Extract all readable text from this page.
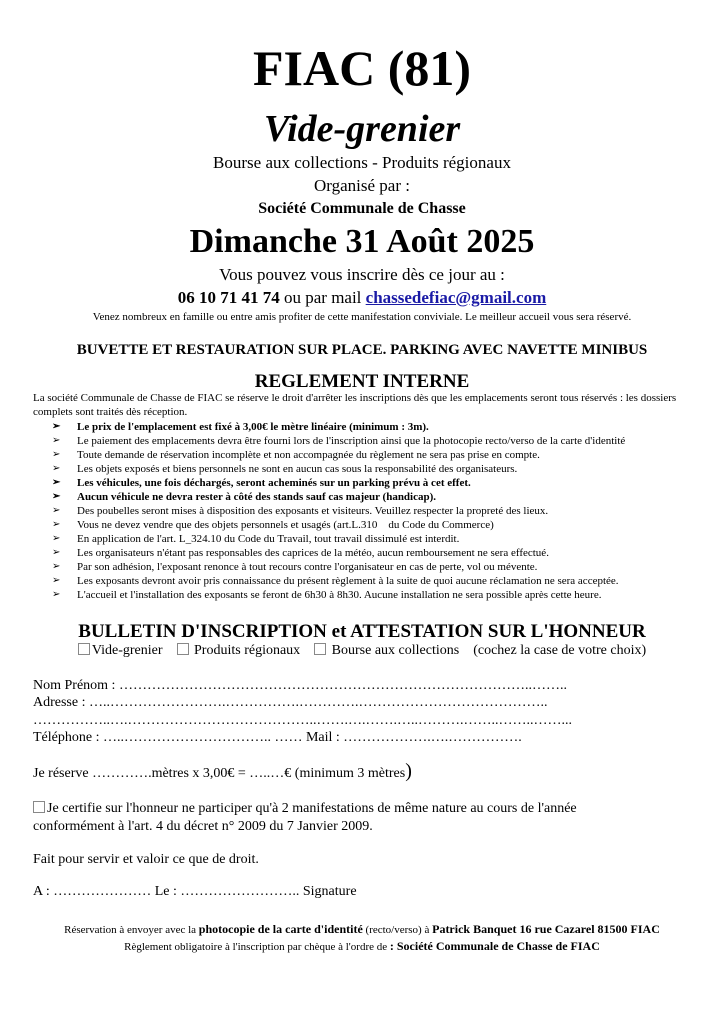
FIAC (81)
Vide-grenier
Bourse aux collections - Produits régionaux
Organisé par :
Société Communale de Chasse
Dimanche 31 Août 2025
Vous pouvez vous inscrire dès ce jour au :
06 10 71 41 74 ou par mail chassedefiac@gmail.com
Venez nombreux en famille ou entre amis profiter de cette manifestation conviviale. Le meilleur accueil vous sera réservé.
BUVETTE ET RESTAURATION SUR PLACE. PARKING AVEC NAVETTE MINIBUS
REGLEMENT INTERNE
La société Communale de Chasse de FIAC se réserve le droit d'arrêter les inscriptions dès que les emplacements seront tous réservés : les dossiers complets sont traités dès réception.
➢ Le prix de l'emplacement est fixé à 3,00€ le mètre linéaire (minimum : 3m).
➢ Le paiement des emplacements devra être fourni lors de l'inscription ainsi que la photocopie recto/verso de la carte d'identité
➢ Toute demande de réservation incomplète et non accompagnée du règlement ne sera pas prise en compte.
➢ Les objets exposés et biens personnels ne sont en aucun cas sous la responsabilité des organisateurs.
➢ Les véhicules, une fois déchargés, seront acheminés sur un parking prévu à cet effet.
➢ Aucun véhicule ne devra rester à côté des stands sauf cas majeur (handicap).
➢ Des poubelles seront mises à disposition des exposants et visiteurs. Veuillez respecter la propreté des lieux.
➢ Vous ne devez vendre que des objets personnels et usagés (art.L.310    du Code du Commerce)
➢ En application de l'art. L_324.10 du Code du Travail, tout travail dissimulé est interdit.
➢ Les organisateurs n'étant pas responsables des caprices de la météo, aucun remboursement ne sera effectué.
➢ Par son adhésion, l'exposant renonce à tout recours contre l'organisateur en cas de perte, vol ou mévente.
➢ Les exposants devront avoir pris connaissance du présent règlement à la suite de quoi aucune réclamation ne sera acceptée.
➢ L'accueil et l'installation des exposants se feront de 6h30 à 8h30. Aucune installation ne sera possible après cette heure.
BULLETIN D'INSCRIPTION et ATTESTATION SUR L'HONNEUR
Vide-grenier Produits régionaux Bourse aux collections (cochez la case de votre choix)
Nom Prénom : ……………………………………………………………………………..……..
Adresse : …..…………………….…………….………….…………………………………..
……………..….…………………………………..…….….…….…..……….……..……..……...
Téléphone : …..………………………….. …… Mail : ……………….….…………….
Je réserve ………….mètres x 3,00€ = …..…€ (minimum 3 mètres)
Je certifie sur l'honneur ne participer qu'à 2 manifestations de même nature au cours de l'année
conformément à l'art. 4 du décret n° 2009 du 7 Janvier 2009.
Fait pour servir et valoir ce que de droit.
A : ………………… Le : …………………….. Signature
Réservation à envoyer avec la photocopie de la carte d'identité (recto/verso) à Patrick Banquet 16 rue Cazarel 81500 FIAC
Règlement obligatoire à l'inscription par chèque à l'ordre de : Société Communale de Chasse de FIAC
